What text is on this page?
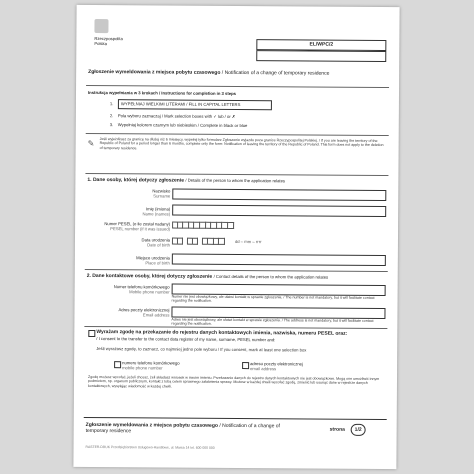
Rzeczpospolita Polska	EL/WPC/2
Zgłoszenie wymeldowania z miejsca pobytu czasowego / Notification of a change of temporary residence
Instrukcja wypełniania w 3 krokach / Instructions for completion in 3 steps
1.	WYPEŁNIAJ WIELKIMI LITERAMI / FILL IN CAPITAL LETTERS
2. Pola wyboru zaznaczaj / Mark selection boxes with ✓ lub / or ✗
3. Wypełniaj kolorem czarnym lub niebieskim / Complete in black or blue
✎	Jeśli wyjeżdżasz za granicę na dłużej niż 6 miesięcy, wypełnij tylko formularz Zgłoszenie wyjazdu poza granice Rzeczypospolitej Polskiej. / If you are leaving the territory of the Republic of Poland for a period longer than 6 months, complete only the form: Notification of leaving the territory of the Republic of Poland. This form does not apply to the deletion of temporary residence.
1. Dane osoby, której dotyczy zgłoszenie / Details of the person to whom the application relates
Nazwisko
Surname
Imię (imiona)
Name (names)
Numer PESEL (o ile został nadany)
PESEL number (if it was issued)
Data urodzenia
Date of birth
dd – mm – rrrr
Miejsce urodzenia
Place of birth
2. Dane kontaktowe osoby, której dotyczy zgłoszenie / Contact details of the person to whom the application relates
Numer telefonu komórkowego
Mobile phone number
Numer nie jest obowiązkowy, ale ułatwi kontakt w sprawie zgłoszenia. / The number is not mandatory, but it will facilitate contact regarding the notification.
Adres poczty elektronicznej
Email address
Adres nie jest obowiązkowy, ale ułatwi kontakt w sprawie zgłoszenia. / The address is not mandatory, but it will facilitate contact regarding the notification.
Wyrażam zgodę na przekazanie do rejestru danych kontaktowych imienia, nazwiska, numeru PESEL oraz:
/ I consent to the transfer to the contact data register of my name, surname, PESEL number and:
Jeśli wyrażasz zgodę, to zaznacz, co najmniej jedno pole wyboru / If you consent, mark at least one selection box
numeru telefonu komórkowego
mobile phone number
adresu poczty elektronicznej
email address
Zgodę możesz wycofać, jeżeli chcesz, żeli składasz wniosek w swoim imieniu. Przekazanie danych do rejestru danych kontaktowych nie jest obowiązkowe. Mogą one umożliwić innym podmiotom, np. organom publicznym, kontakt z tobą celem sprawnego załatwienia sprawy. Możesz w każdej chwili wycofać zgodę, zmienić lub usunąć dane w rejestrze danych kontaktowych, wysyłając wiadomość w kazdej chwili.
Zgłoszenie wymeldowania z miejsca pobytu czasowego / Notification of a change of temporary residence	strona	1/2
RASTER-DRUK Przedsiębiorstwo Usługowo-Handlowe, ul. Marsa 14 tel. 600 000 000
